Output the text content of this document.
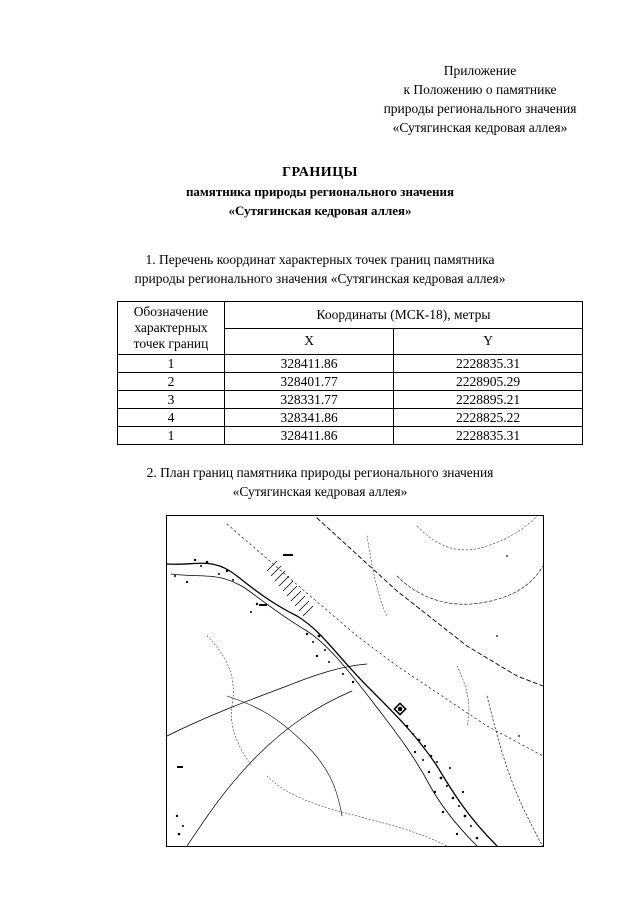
Приложение
к Положению о памятнике
природы регионального значения
«Сутягинская кедровая аллея»
ГРАНИЦЫ
памятника природы регионального значения
«Сутягинская кедровая аллея»
1. Перечень координат характерных точек границ памятника
природы регионального значения «Сутягинская кедровая аллея»
Обозначение
характерных
точек границ	Координаты (МСК-18), метры	
	X	Y
1	328411.86	2228835.31
2	328401.77	2228905.29
3	328331.77	2228895.21
4	328341.86	2228825.22
1	328411.86	2228835.31
2. План границ памятника природы регионального значения
«Сутягинская кедровая аллея»
